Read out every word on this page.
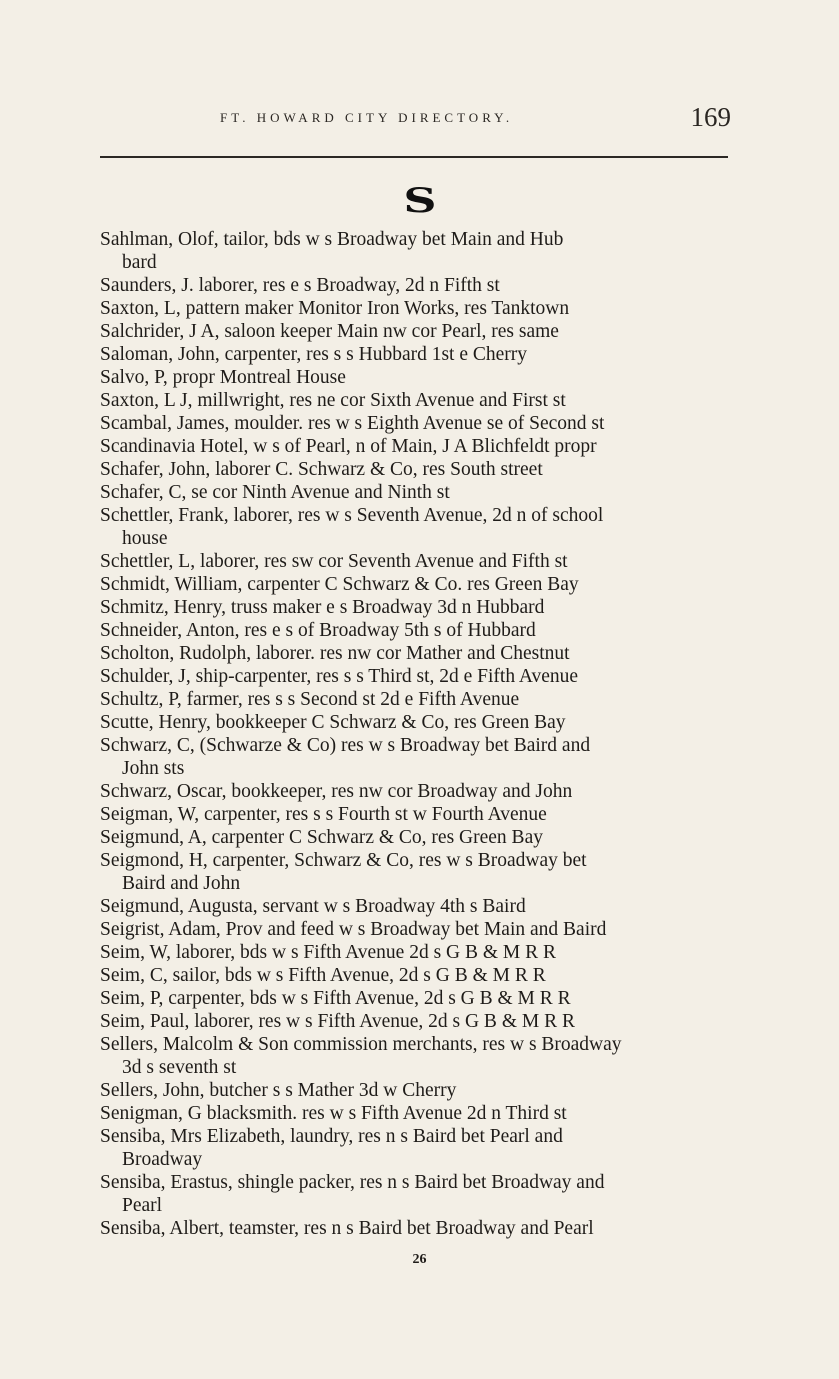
FT. HOWARD CITY DIRECTORY.	169
S
Sahlman, Olof, tailor, bds w s Broadway bet Main and Hub
bard
Saunders, J. laborer, res e s Broadway, 2d n Fifth st
Saxton, L, pattern maker Monitor Iron Works, res Tanktown
Salchrider, J A, saloon keeper Main nw cor Pearl, res same
Saloman, John, carpenter, res s s Hubbard 1st e Cherry
Salvo, P, propr Montreal House
Saxton, L J, millwright, res ne cor Sixth Avenue and First st
Scambal, James, moulder. res w s Eighth Avenue se of Second st
Scandinavia Hotel, w s of Pearl, n of Main, J A Blichfeldt propr
Schafer, John, laborer C. Schwarz & Co, res South street
Schafer, C, se cor Ninth Avenue and Ninth st
Schettler, Frank, laborer, res w s Seventh Avenue, 2d n of school
house
Schettler, L, laborer, res sw cor Seventh Avenue and Fifth st
Schmidt, William, carpenter C Schwarz & Co. res Green Bay
Schmitz, Henry, truss maker e s Broadway 3d n Hubbard
Schneider, Anton, res e s of Broadway 5th s of Hubbard
Scholton, Rudolph, laborer. res nw cor Mather and Chestnut
Schulder, J, ship-carpenter, res s s Third st, 2d e Fifth Avenue
Schultz, P, farmer, res s s Second st 2d e Fifth Avenue
Scutte, Henry, bookkeeper C Schwarz & Co, res Green Bay
Schwarz, C, (Schwarze & Co) res w s Broadway bet Baird and
John sts
Schwarz, Oscar, bookkeeper, res nw cor Broadway and John
Seigman, W, carpenter, res s s Fourth st w Fourth Avenue
Seigmund, A, carpenter C Schwarz & Co, res Green Bay
Seigmond, H, carpenter, Schwarz & Co, res w s Broadway bet
Baird and John
Seigmund, Augusta, servant w s Broadway 4th s Baird
Seigrist, Adam, Prov and feed w s Broadway bet Main and Baird
Seim, W, laborer, bds w s Fifth Avenue 2d s G B & M R R
Seim, C, sailor, bds w s Fifth Avenue, 2d s G B & M R R
Seim, P, carpenter, bds w s Fifth Avenue, 2d s G B & M R R
Seim, Paul, laborer, res w s Fifth Avenue, 2d s G B & M R R
Sellers, Malcolm & Son commission merchants, res w s Broadway
3d s seventh st
Sellers, John, butcher s s Mather 3d w Cherry
Senigman, G blacksmith. res w s Fifth Avenue 2d n Third st
Sensiba, Mrs Elizabeth, laundry, res n s Baird bet Pearl and
Broadway
Sensiba, Erastus, shingle packer, res n s Baird bet Broadway and
Pearl
Sensiba, Albert, teamster, res n s Baird bet Broadway and Pearl
26
